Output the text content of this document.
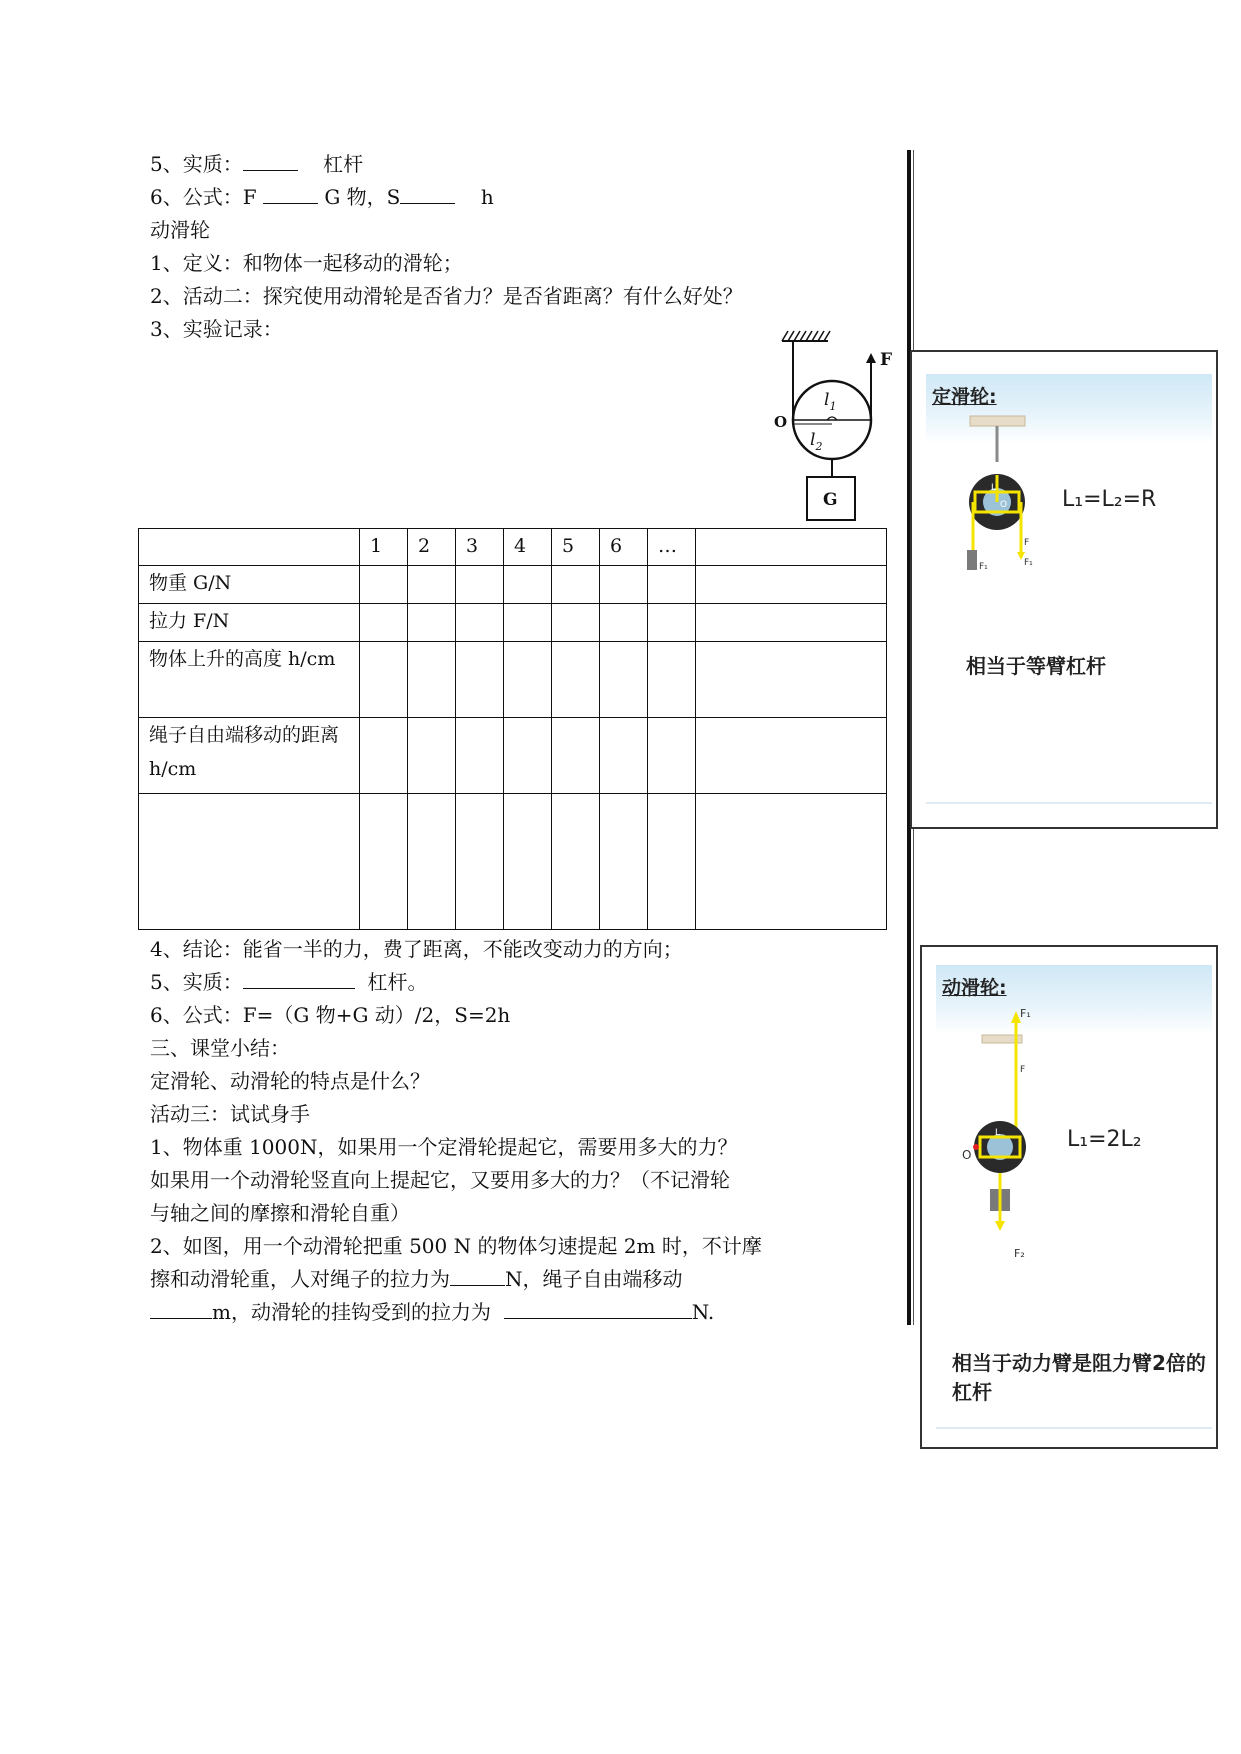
5、实质：	杠杆
6、公式：F	G 物，S	h
动滑轮
1、定义：和物体一起移动的滑轮；
2、活动二：探究使用动滑轮是否省力？是否省距离？有什么好处？
3、实验记录：
F
$l_1$
$l_2$
O
G
	1	2	3	4	5	6	…	
物重 G/N								
拉力 F/N								
物体上升的高度 h/cm								
绳子自由端移动的距离 h/cm								

4、结论：能省一半的力，费了距离，不能改变动力的方向；
5、实质：	杠杆。
6、公式：F=（G 物+G 动）/2，S=2h
三、课堂小结：
定滑轮、动滑轮的特点是什么？
活动三：试试身手
1、物体重 1000N，如果用一个定滑轮提起它，需要用多大的力？
如果用一个动滑轮竖直向上提起它，又要用多大的力？（不记滑轮
与轴之间的摩擦和滑轮自重）
2、如图，用一个动滑轮把重 500 N 的物体匀速提起 2m 时，不计摩
擦和动滑轮重，人对绳子的拉力为	N，绳子自由端移动
m，动滑轮的挂钩受到的拉力为	N.
定滑轮:
O
L
F
F₁
F₁
L₁=L₂=R
相当于等臂杠杆
动滑轮:
F₁
F
O
L	L₁=2L₂
F₂
相当于动力臂是阻力臂2倍的杠杆
